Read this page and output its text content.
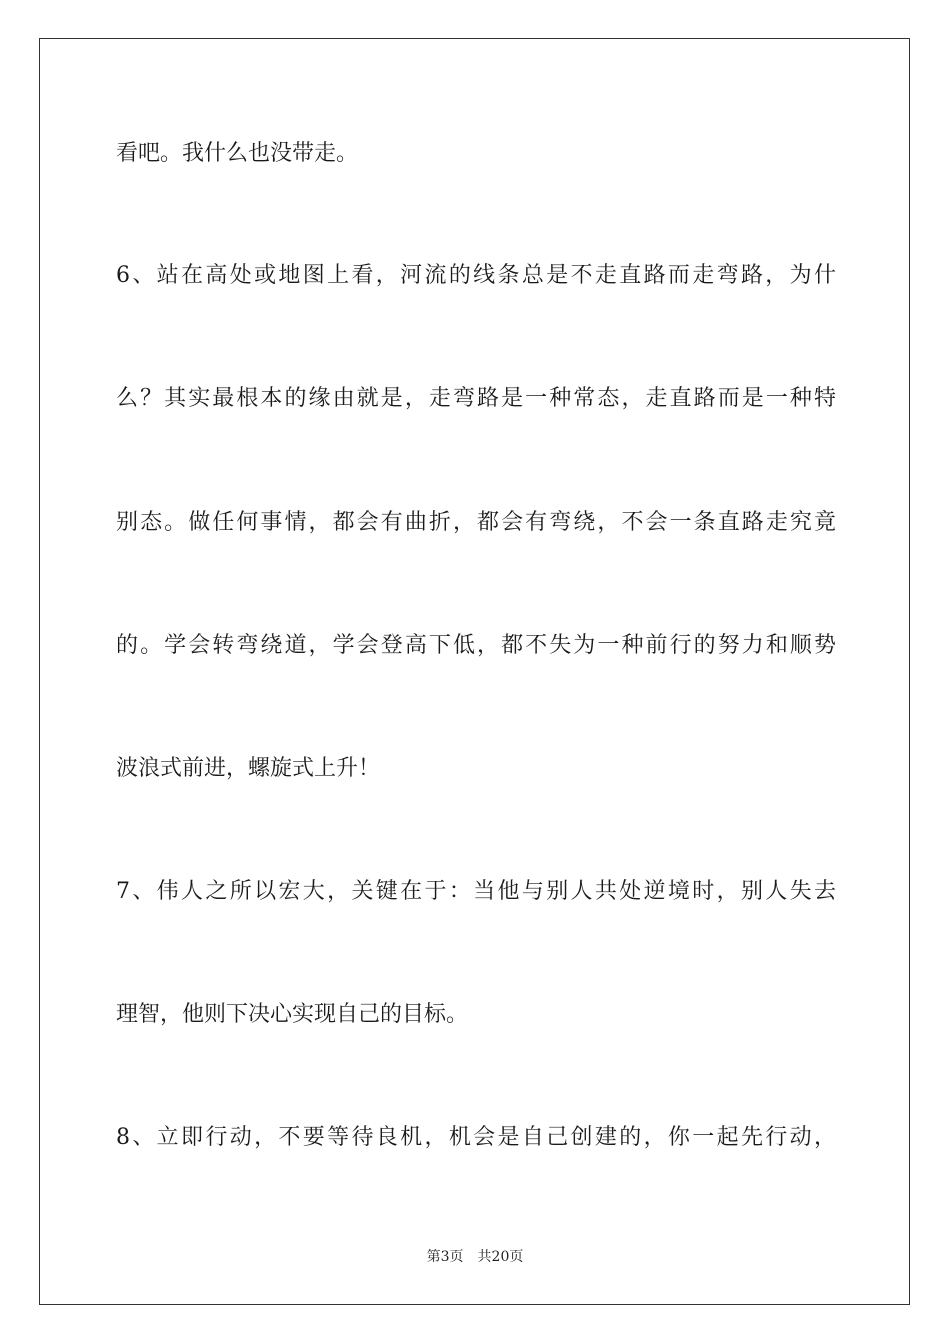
看吧。我什么也没带走。
6、站在高处或地图上看，河流的线条总是不走直路而走弯路，为什
么？其实最根本的缘由就是，走弯路是一种常态，走直路而是一种特
别态。做任何事情，都会有曲折，都会有弯绕，不会一条直路走究竟
的。学会转弯绕道，学会登高下低，都不失为一种前行的努力和顺势
波浪式前进，螺旋式上升！
7、伟人之所以宏大，关键在于：当他与别人共处逆境时，别人失去
理智，他则下决心实现自己的目标。
8、立即行动，不要等待良机，机会是自己创建的，你一起先行动，
第3页　共20页
